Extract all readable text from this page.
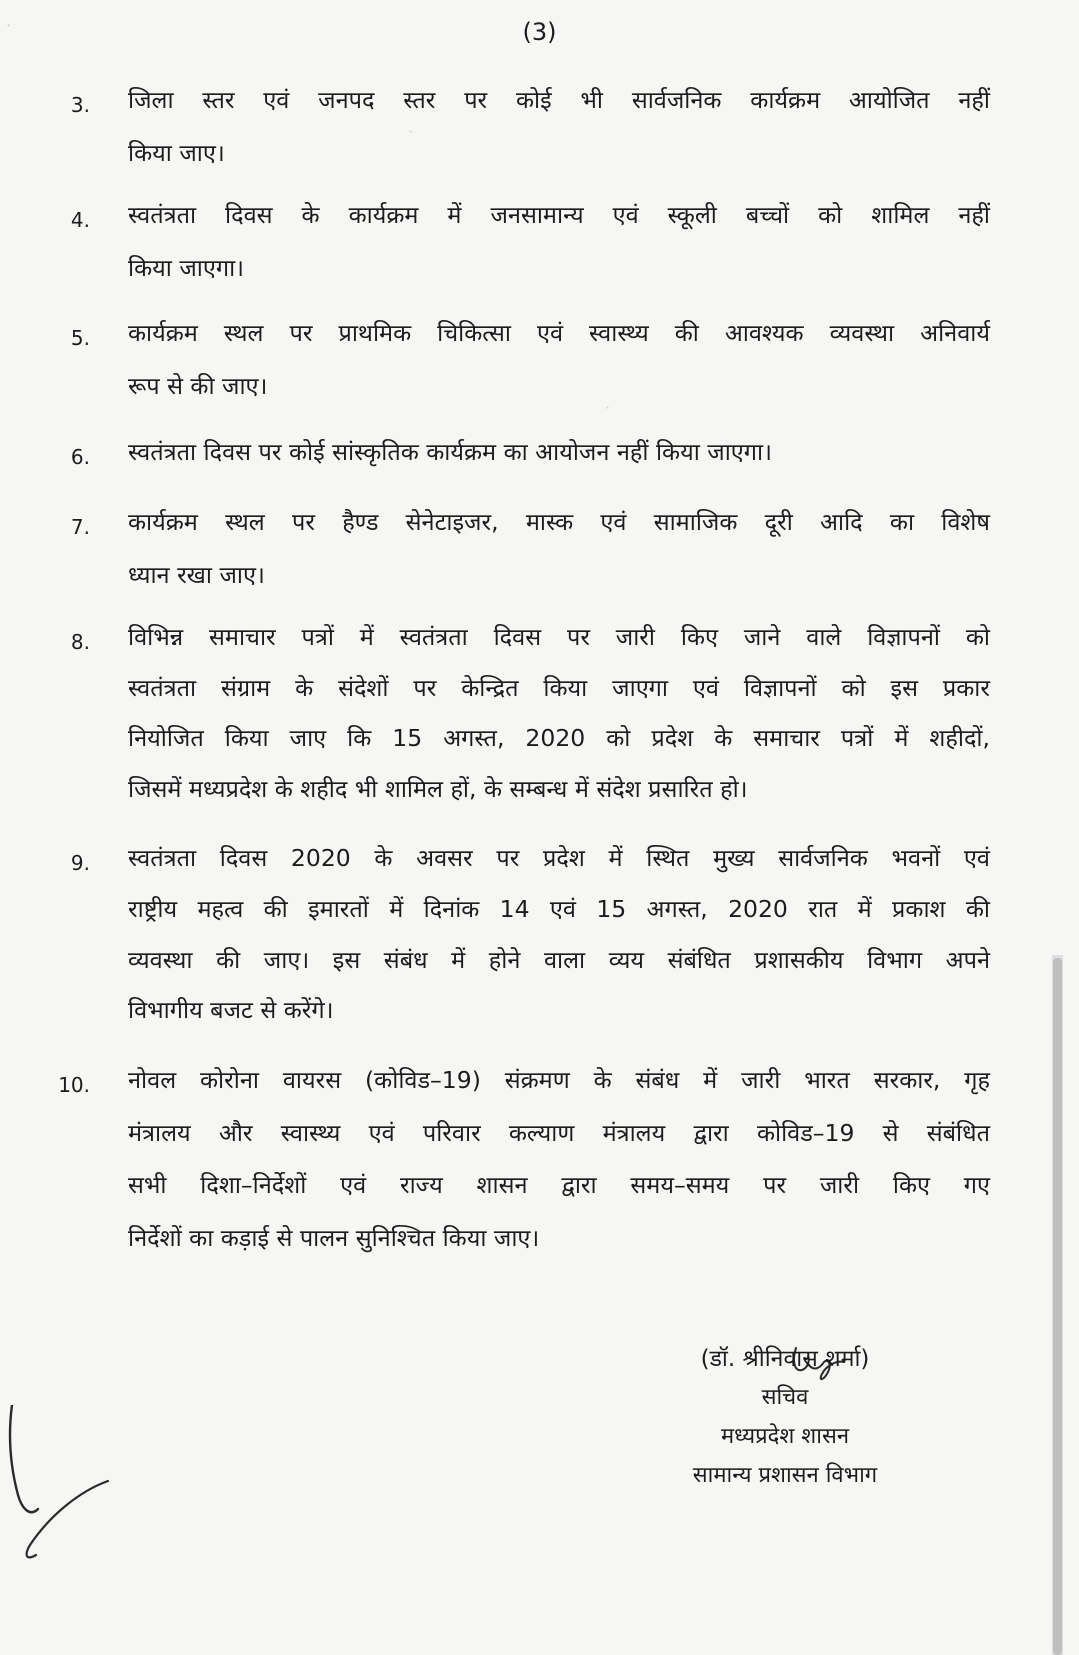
(3)
·
·
·
3. जिला स्तर एवं जनपद स्तर पर कोई भी सार्वजनिक कार्यक्रम आयोजित नहीं
किया जाए।
4. स्वतंत्रता दिवस के कार्यक्रम में जनसामान्य एवं स्कूली बच्चों को शामिल नहीं
किया जाएगा।
5. कार्यक्रम स्थल पर प्राथमिक चिकित्सा एवं स्वास्थ्य की आवश्यक व्यवस्था अनिवार्य
रूप से की जाए।
6. स्वतंत्रता दिवस पर कोई सांस्कृतिक कार्यक्रम का आयोजन नहीं किया जाएगा।
7. कार्यक्रम स्थल पर हैण्ड सेनेटाइजर, मास्क एवं सामाजिक दूरी आदि का विशेष
ध्यान रखा जाए।
8. विभिन्न समाचार पत्रों में स्वतंत्रता दिवस पर जारी किए जाने वाले विज्ञापनों को
स्वतंत्रता संग्राम के संदेशों पर केन्द्रित किया जाएगा एवं विज्ञापनों को इस प्रकार
नियोजित किया जाए कि 15 अगस्त, 2020 को प्रदेश के समाचार पत्रों में शहीदों,
जिसमें मध्यप्रदेश के शहीद भी शामिल हों, के सम्बन्ध में संदेश प्रसारित हो।
9. स्वतंत्रता दिवस 2020 के अवसर पर प्रदेश में स्थित मुख्य सार्वजनिक भवनों एवं
राष्ट्रीय महत्व की इमारतों में दिनांक 14 एवं 15 अगस्त, 2020 रात में प्रकाश की
व्यवस्था की जाए। इस संबंध में होने वाला व्यय संबंधित प्रशासकीय विभाग अपने
विभागीय बजट से करेंगे।
10. नोवल कोरोना वायरस (कोविड–19) संक्रमण के संबंध में जारी भारत सरकार, गृह
मंत्रालय और स्वास्थ्य एवं परिवार कल्याण मंत्रालय द्वारा कोविड–19 से संबंधित
सभी दिशा–निर्देशों एवं राज्य शासन द्वारा समय–समय पर जारी किए गए
निर्देशों का कड़ाई से पालन सुनिश्चित किया जाए।
(डॉ. श्रीनिवास शर्मा)
सचिव
मध्यप्रदेश शासन
सामान्य प्रशासन विभाग
